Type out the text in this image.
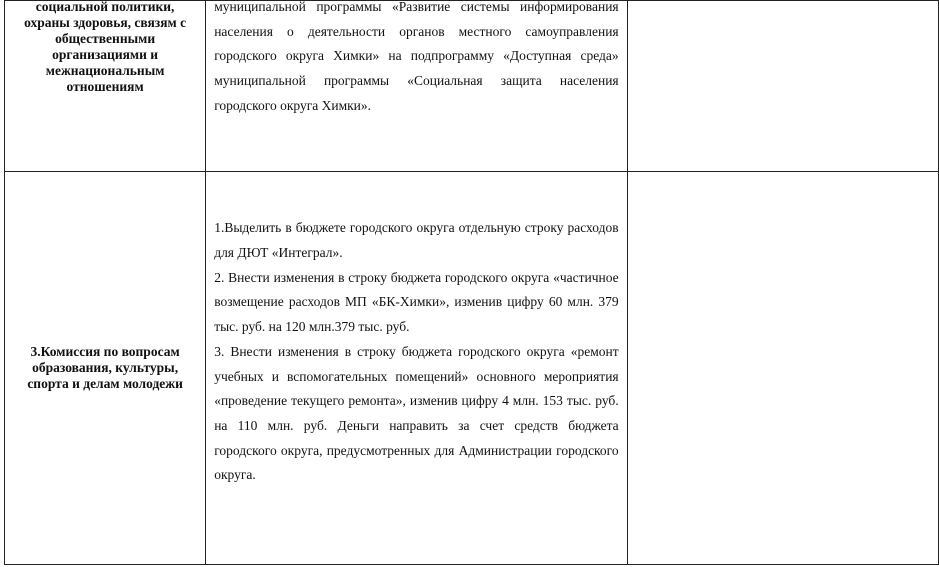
социальной политики, охраны здоровья, связям с общественными организациями и межнациональным отношениям	муниципальной программы «Развитие системы информирования населения о деятельности органов местного самоуправления городского округа Химки» на подпрограмму «Доступная среда» муниципальной программы «Социальная защита населения городского округа Химки».	

3.Комиссия по вопросам образования, культуры, спорта и делам молодежи	1.Выделить в бюджете городского округа отдельную строку расходов для ДЮТ «Интеграл».

2. Внести изменения в строку бюджета городского округа «частичное возмещение расходов МП «БК-Химки», изменив цифру 60 млн. 379 тыс. руб. на 120 млн.379 тыс. руб.

3. Внести изменения в строку бюджета городского округа «ремонт учебных и вспомогательных помещений» основного мероприятия «проведение текущего ремонта», изменив цифру 4 млн. 153 тыс. руб. на 110 млн. руб. Деньги направить за счет средств бюджета городского округа, предусмотренных для Администрации городского округа.	
